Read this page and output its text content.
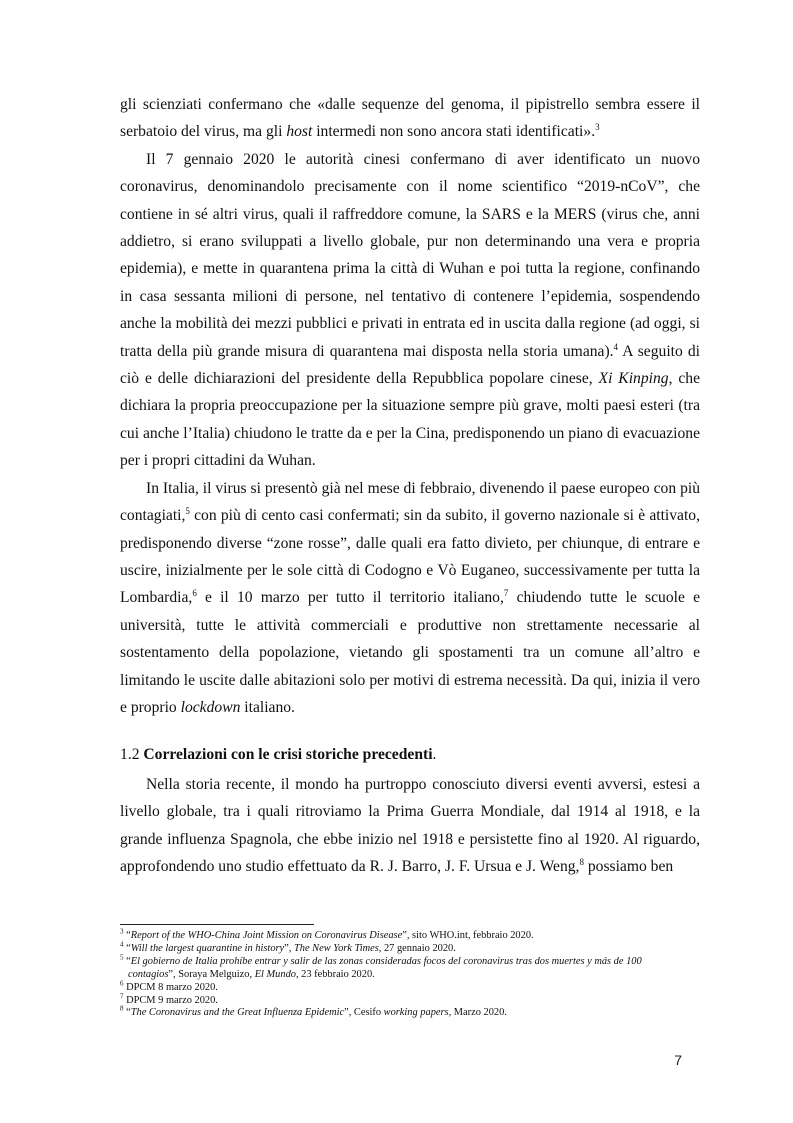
gli scienziati confermano che «dalle sequenze del genoma, il pipistrello sembra essere il serbatoio del virus, ma gli host intermedi non sono ancora stati identificati».$^3$

Il 7 gennaio 2020 le autorità cinesi confermano di aver identificato un nuovo coronavirus, denominandolo precisamente con il nome scientifico “2019-nCoV”, che contiene in sé altri virus, quali il raffreddore comune, la SARS e la MERS (virus che, anni addietro, si erano sviluppati a livello globale, pur non determinando una vera e propria epidemia), e mette in quarantena prima la città di Wuhan e poi tutta la regione, confinando in casa sessanta milioni di persone, nel tentativo di contenere l’epidemia, sospendendo anche la mobilità dei mezzi pubblici e privati in entrata ed in uscita dalla regione (ad oggi, si tratta della più grande misura di quarantena mai disposta nella storia umana).$^4$ A seguito di ciò e delle dichiarazioni del presidente della Repubblica popolare cinese, Xi Kinping, che dichiara la propria preoccupazione per la situazione sempre più grave, molti paesi esteri (tra cui anche l’Italia) chiudono le tratte da e per la Cina, predisponendo un piano di evacuazione per i propri cittadini da Wuhan.

In Italia, il virus si presentò già nel mese di febbraio, divenendo il paese europeo con più contagiati,$^5$ con più di cento casi confermati; sin da subito, il governo nazionale si è attivato, predisponendo diverse “zone rosse”, dalle quali era fatto divieto, per chiunque, di entrare e uscire, inizialmente per le sole città di Codogno e Vò Euganeo, successivamente per tutta la Lombardia,$^6$ e il 10 marzo per tutto il territorio italiano,$^7$ chiudendo tutte le scuole e università, tutte le attività commerciali e produttive non strettamente necessarie al sostentamento della popolazione, vietando gli spostamenti tra un comune all’altro e limitando le uscite dalle abitazioni solo per motivi di estrema necessità. Da qui, inizia il vero e proprio lockdown italiano.

1.2 Correlazioni con le crisi storiche precedenti.

Nella storia recente, il mondo ha purtroppo conosciuto diversi eventi avversi, estesi a livello globale, tra i quali ritroviamo la Prima Guerra Mondiale, dal 1914 al 1918, e la grande influenza Spagnola, che ebbe inizio nel 1918 e persistette fino al 1920. Al riguardo, approfondendo uno studio effettuato da R. J. Barro, J. F. Ursua e J. Weng,$^8$ possiamo ben

$^3$ “Report of the WHO-China Joint Mission on Coronavirus Disease”, sito WHO.int, febbraio 2020.

$^4$ “Will the largest quarantine in history”, The New York Times, 27 gennaio 2020.

$^5$ “El gobierno de Italia prohíbe entrar y salir de las zonas consideradas focos del coronavirus tras dos muertes y más de 100 contagios”, Soraya Melguizo, El Mundo, 23 febbraio 2020.

$^6$ DPCM 8 marzo 2020.

$^7$ DPCM 9 marzo 2020.

$^8$ “The Coronavirus and the Great Influenza Epidemic”, Cesifo working papers, Marzo 2020.

7
